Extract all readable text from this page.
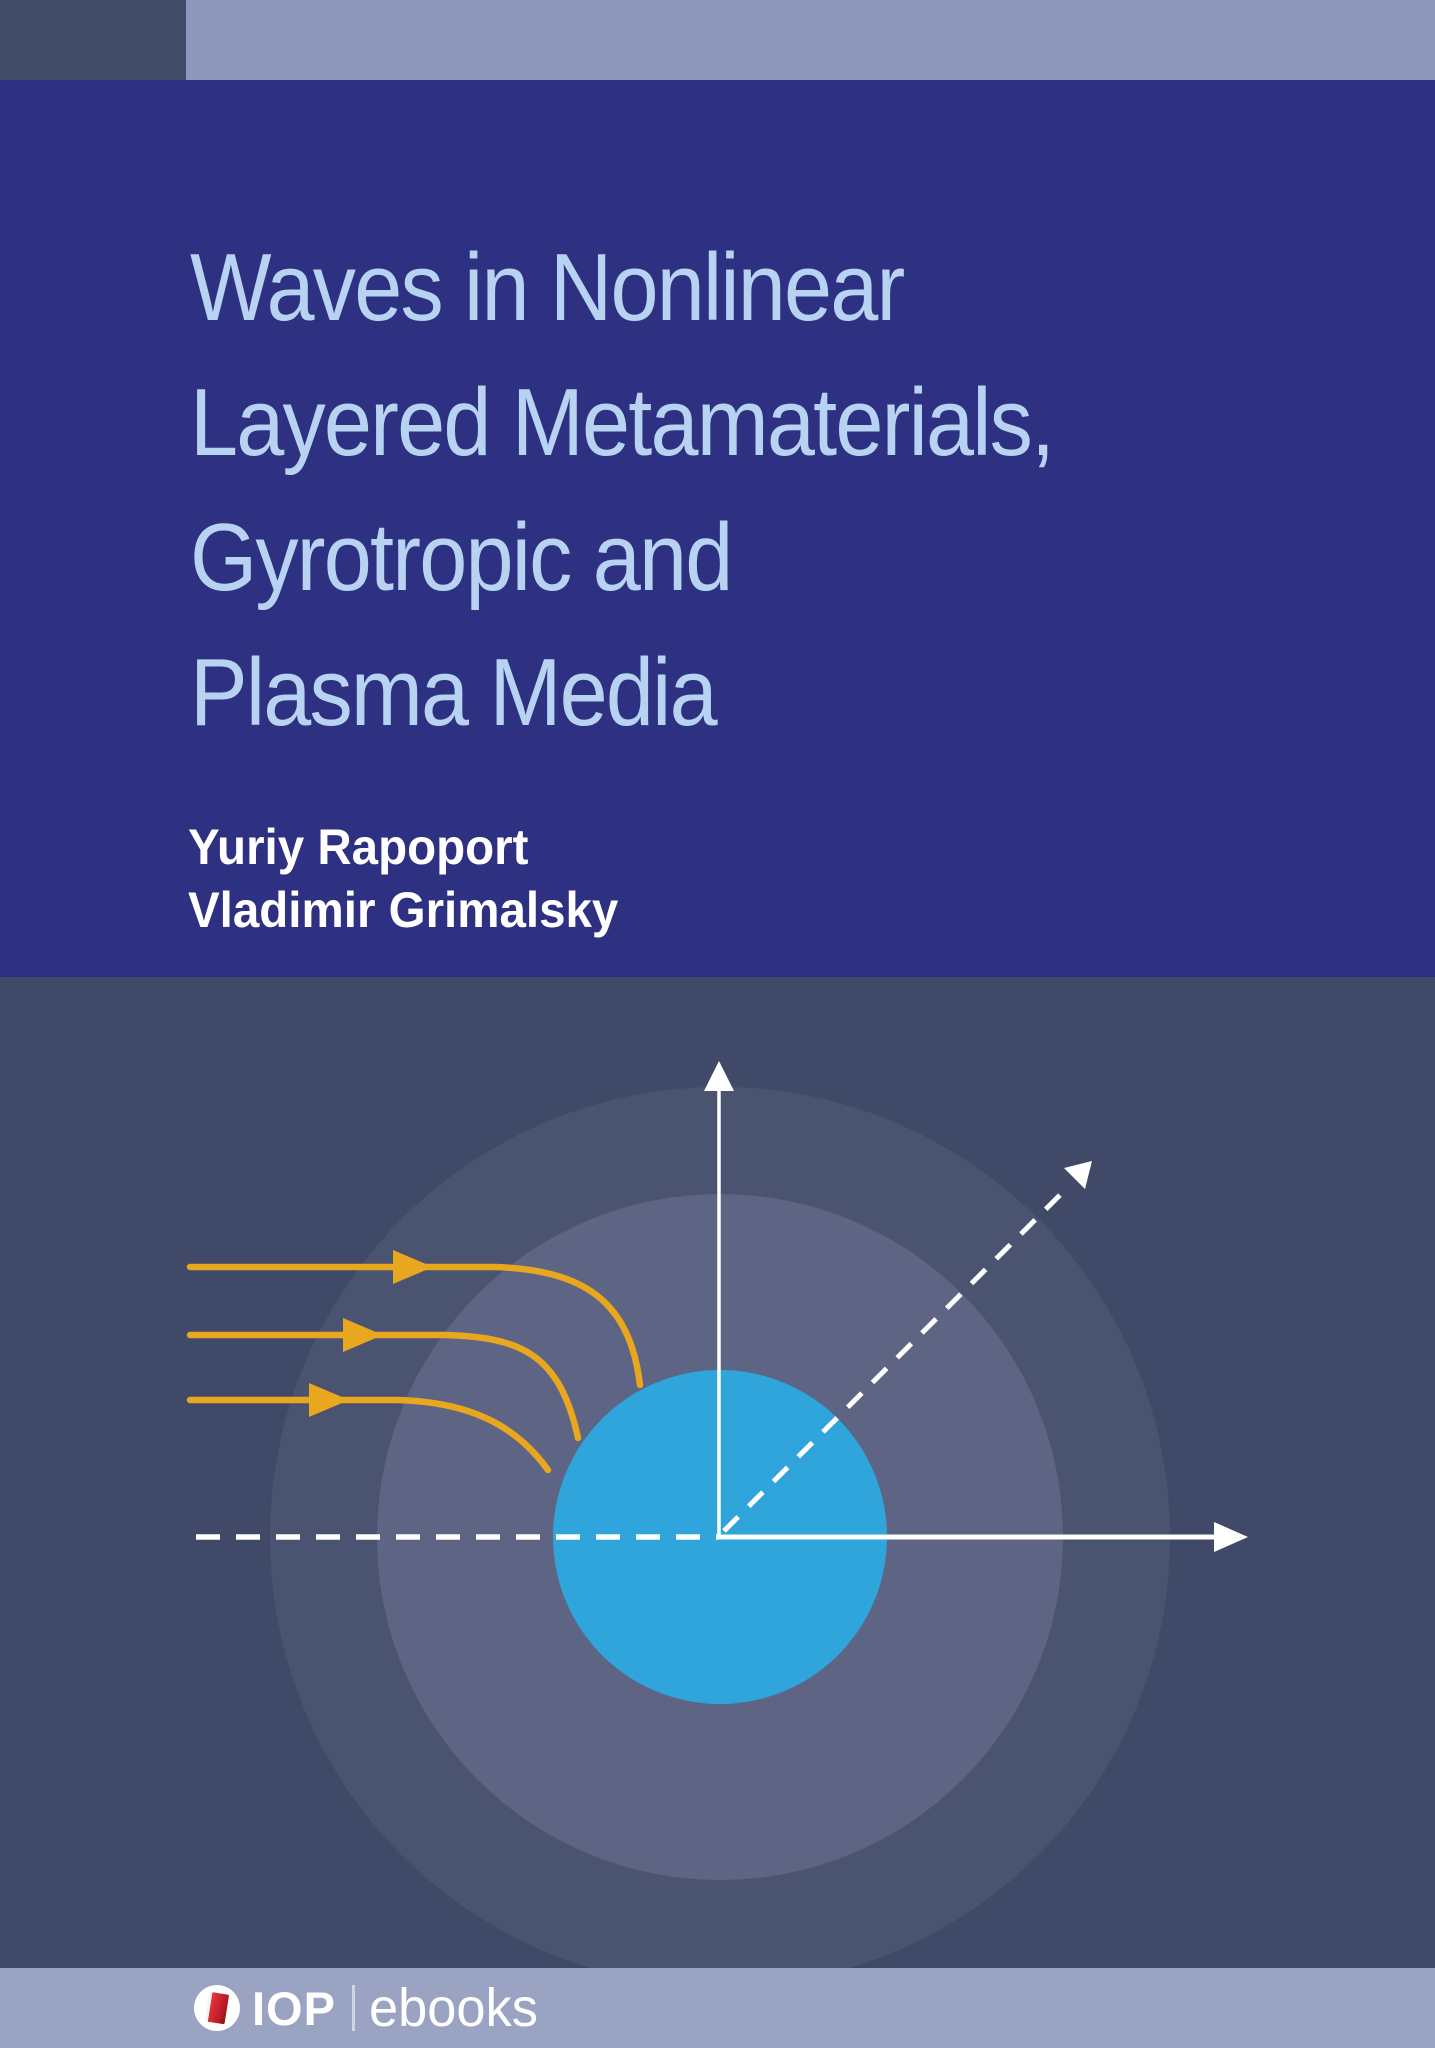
Waves in Nonlinear
Layered Metamaterials,
Gyrotropic and
Plasma Media
Yuriy Rapoport
Vladimir Grimalsky
IOP ebooks
